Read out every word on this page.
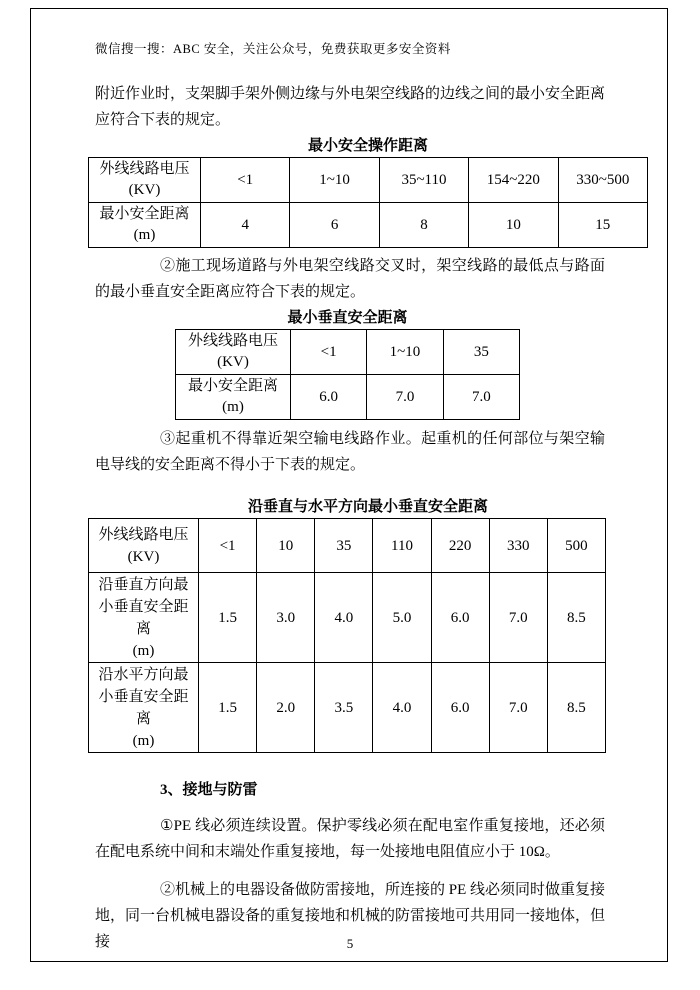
微信搜一搜：ABC 安全，关注公众号，免费获取更多安全资料

附近作业时，支架脚手架外侧边缘与外电架空线路的边线之间的最小安全距离应符合下表的规定。

最小安全操作距离
外线线路电压
(KV)	<1	1~10	35~110	154~220	330~500

最小安全距离
(m)	4	6	8	10	15

②施工现场道路与外电架空线路交叉时，架空线路的最低点与路面的最小垂直安全距离应符合下表的规定。

最小垂直安全距离
外线线路电压
(KV)	<1	1~10	35

最小安全距离
(m)	6.0	7.0	7.0

③起重机不得靠近架空输电线路作业。起重机的任何部位与架空输电导线的安全距离不得小于下表的规定。

沿垂直与水平方向最小垂直安全距离
外线线路电压
(KV)	<1	10	35	110	220	330	500

沿垂直方向最
小垂直安全距
离
(m)	1.5	3.0	4.0	5.0	6.0	7.0	8.5

沿水平方向最
小垂直安全距
离
(m)	1.5	2.0	3.5	4.0	6.0	7.0	8.5
3、接地与防雷

①PE 线必须连续设置。保护零线必须在配电室作重复接地，还必须在配电系统中间和末端处作重复接地，每一处接地电阻值应小于 10Ω。

②机械上的电器设备做防雷接地，所连接的 PE 线必须同时做重复接地，同一台机械电器设备的重复接地和机械的防雷接地可共用同一接地体，但接	5
